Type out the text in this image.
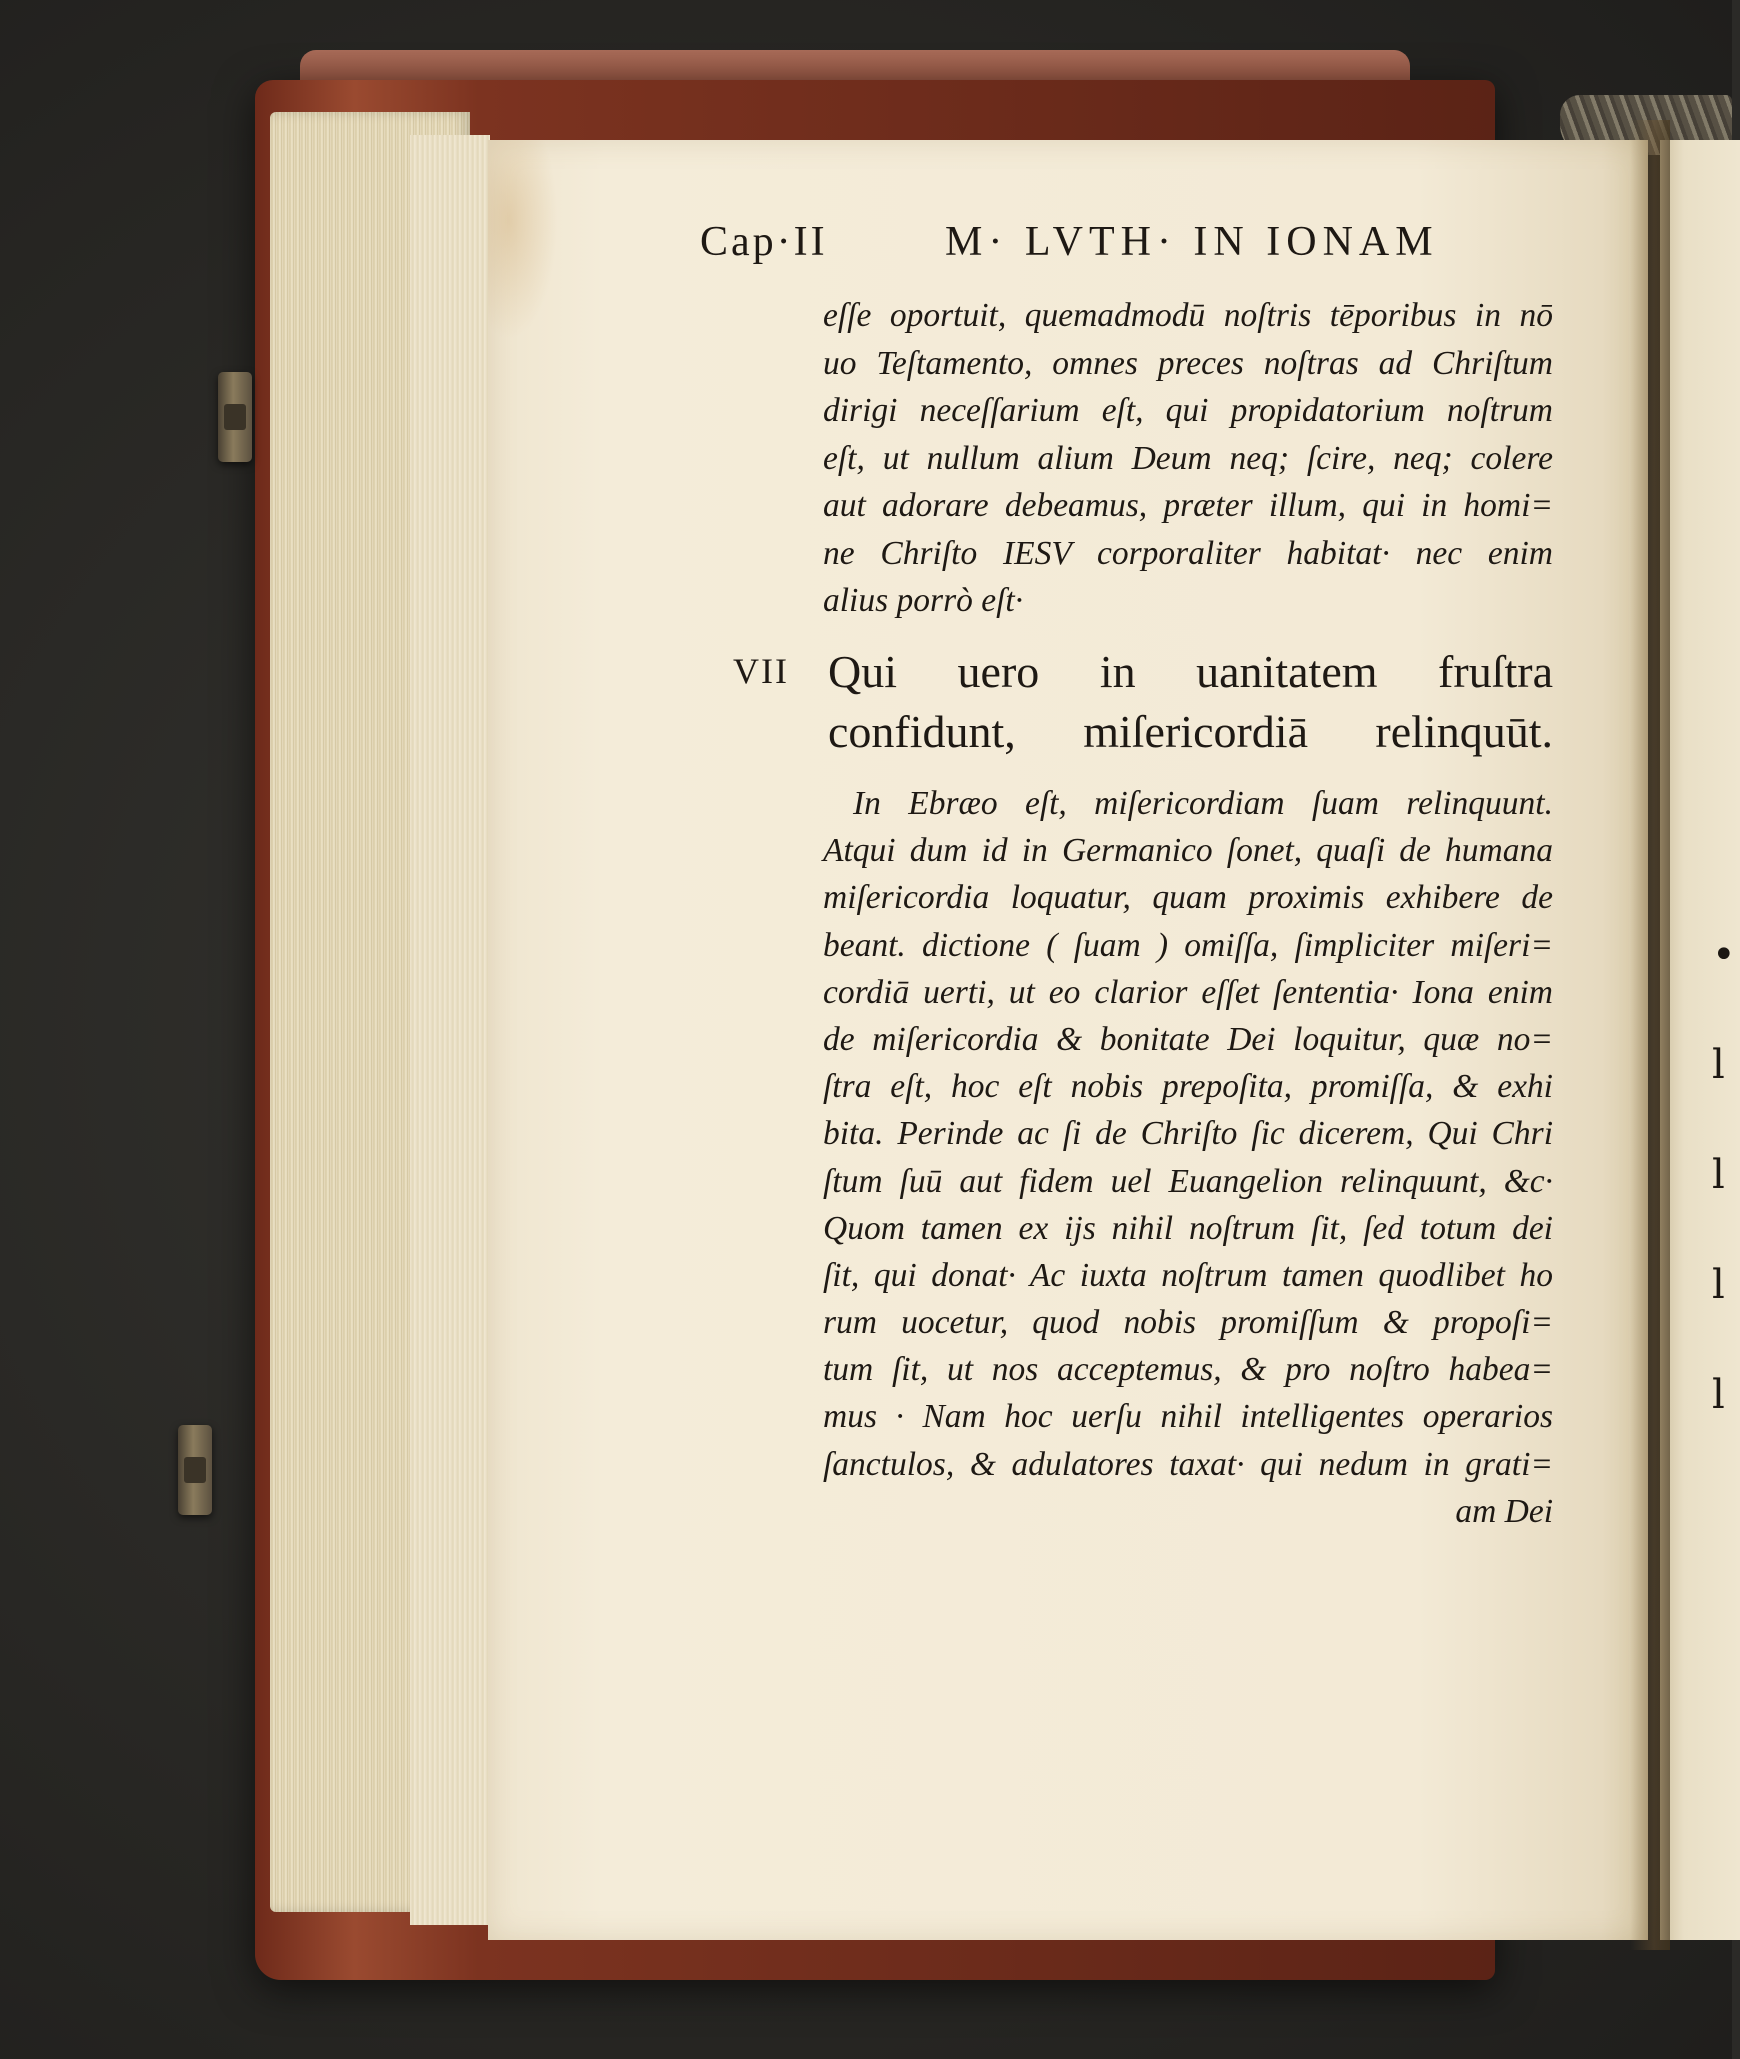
•
l
l
l
l
Cap·II	M· LVTH· IN IONAM
eſſe oportuit, quemadmodū noſtris tēporibus in nō
uo Teſtamento, omnes preces noſtras ad Chriſtum
dirigi neceſſarium eſt, qui propidatorium noſtrum
eſt, ut nullum alium Deum neq; ſcire, neq; colere
aut adorare debeamus, præter illum, qui in homi=
ne Chriſto IESV corporaliter habitat· nec enim
alius porrò eſt·
VII Qui uero in uanitatem fruſtra
confidunt, miſericordiā relinquūt.
In Ebræo eſt, miſericordiam ſuam relinquunt.
Atqui dum id in Germanico ſonet, quaſi de humana
miſericordia loquatur, quam proximis exhibere de
beant. dictione ( ſuam ) omiſſa, ſimpliciter miſeri=
cordiā uerti, ut eo clarior eſſet ſententia· Iona enim
de miſericordia & bonitate Dei loquitur, quæ no=
ſtra eſt, hoc eſt nobis prepoſita, promiſſa, & exhi
bita. Perinde ac ſi de Chriſto ſic dicerem, Qui Chri
ſtum ſuū aut fidem uel Euangelion relinquunt, &c·
Quom tamen ex ijs nihil noſtrum ſit, ſed totum dei
ſit, qui donat· Ac iuxta noſtrum tamen quodlibet ho
rum uocetur, quod nobis promiſſum & propoſi=
tum ſit, ut nos acceptemus, & pro noſtro habea=
mus · Nam hoc uerſu nihil intelligentes operarios
ſanctulos, & adulatores taxat· qui nedum in grati=
am Dei
